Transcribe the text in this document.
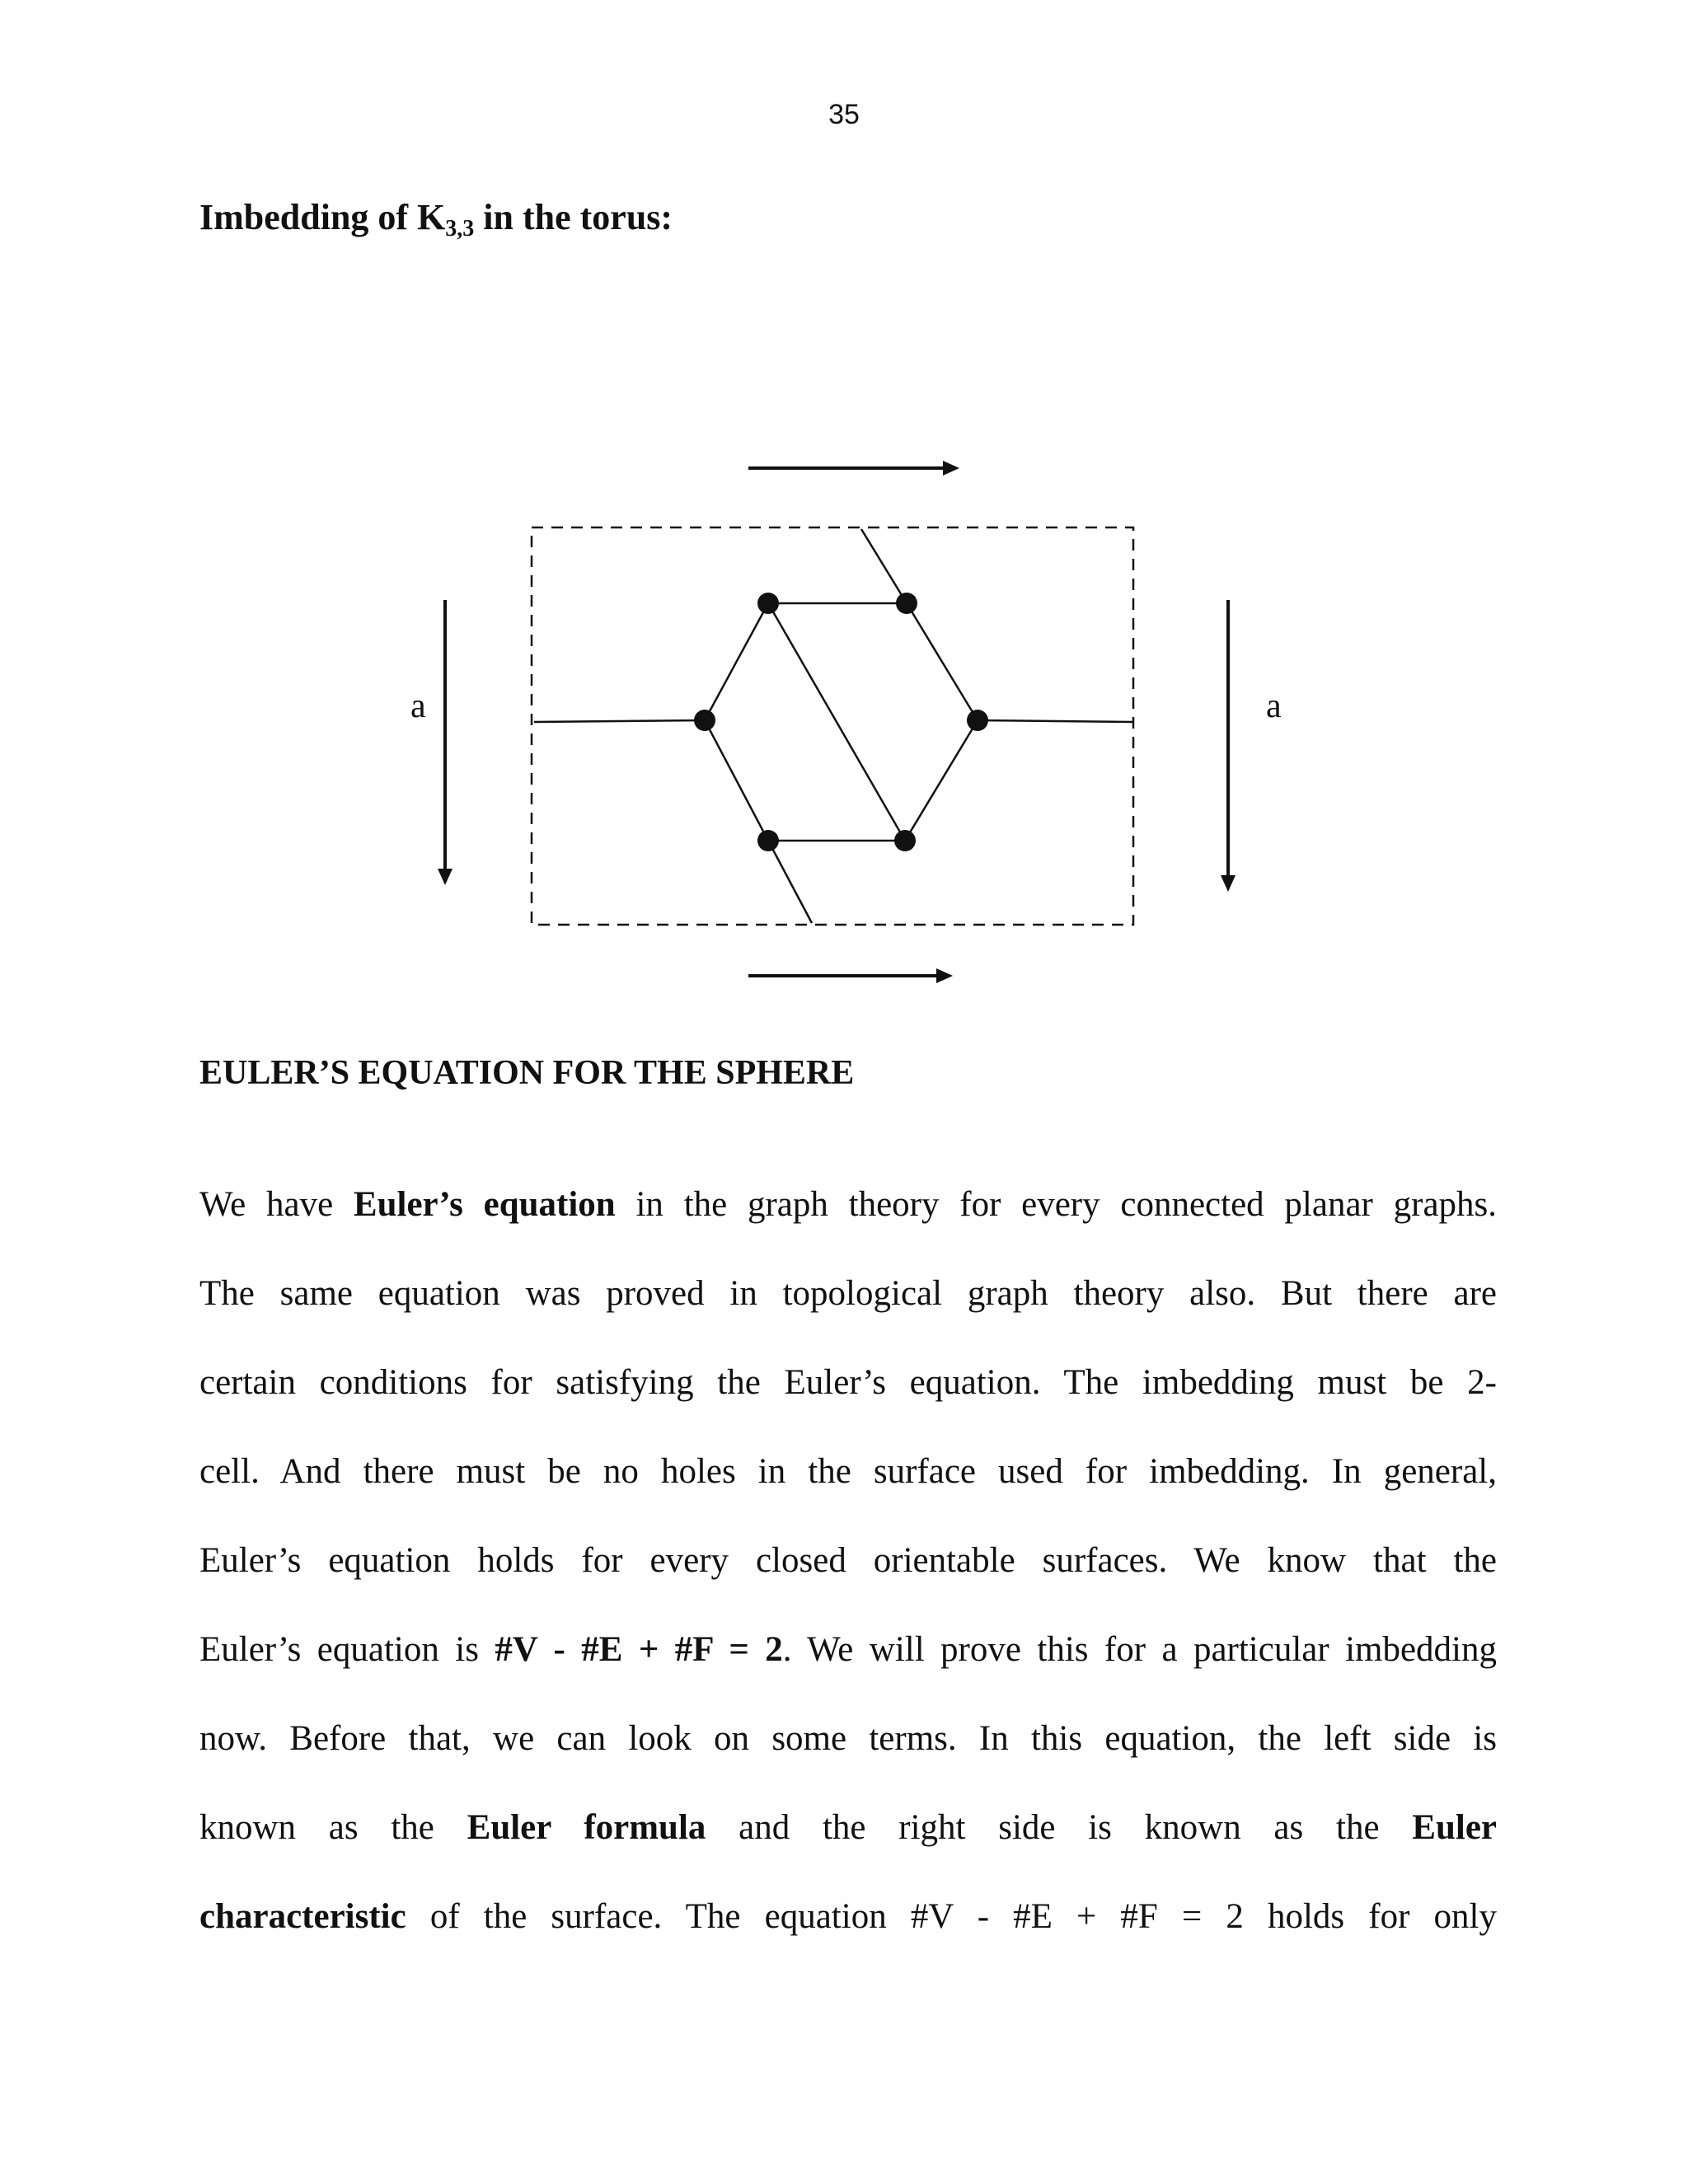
35
Imbedding of $K_{3,3}$ in the torus:
a	a
EULER’S EQUATION FOR THE SPHERE

We have Euler’s equation in the graph theory for every connected planar graphs.
The same equation was proved in topological graph theory also. But there are
certain conditions for satisfying the Euler’s equation. The imbedding must be 2-
cell. And there must be no holes in the surface used for imbedding. In general,
Euler’s equation holds for every closed orientable surfaces. We know that the
Euler’s equation is #V - #E + #F = 2. We will prove this for a particular imbedding
now. Before that, we can look on some terms. In this equation, the left side is
known as the Euler formula and the right side is known as the Euler
characteristic of the surface. The equation #V - #E + #F = 2 holds for only
